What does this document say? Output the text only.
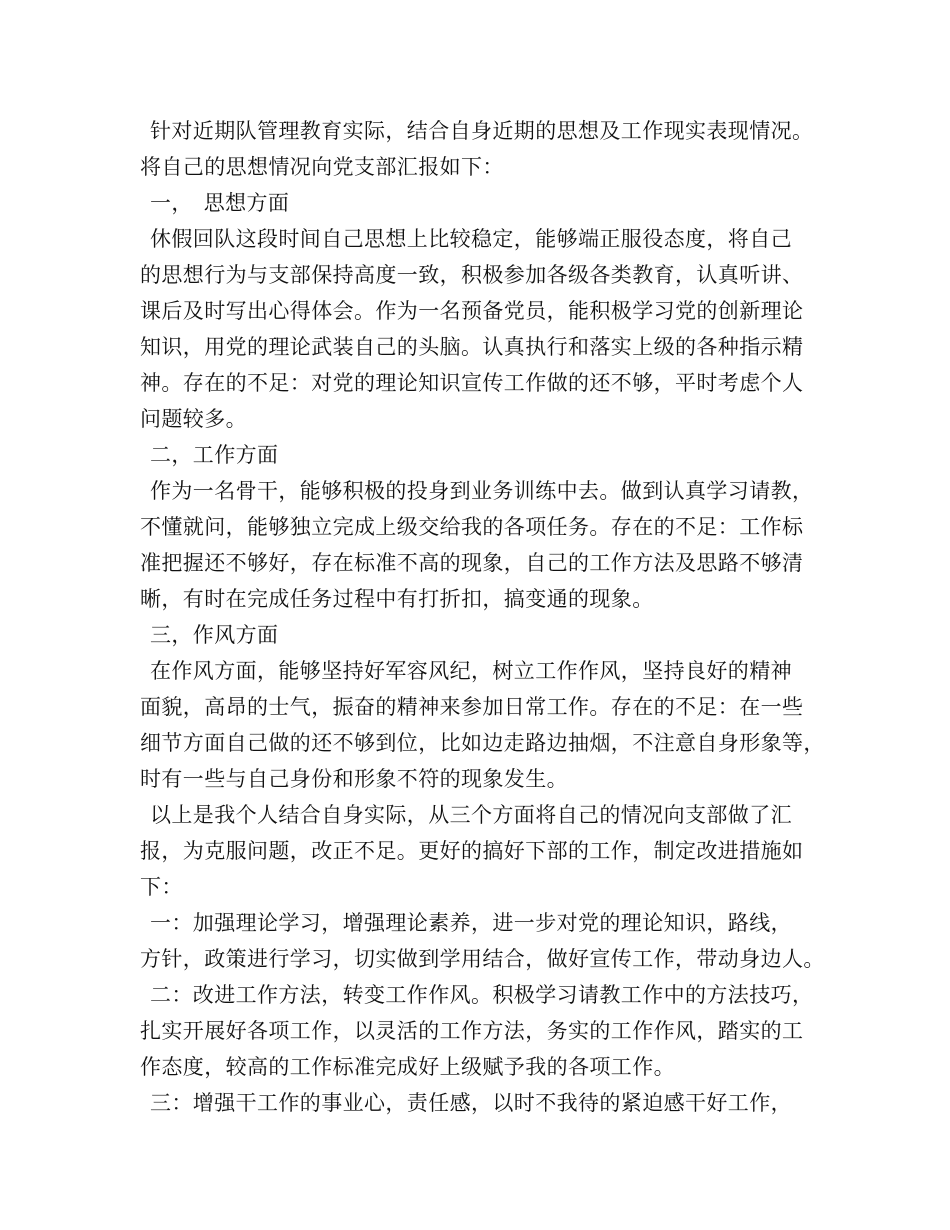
针对近期队管理教育实际，结合自身近期的思想及工作现实表现情况。
将自己的思想情况向党支部汇报如下：
一，　思想方面
休假回队这段时间自己思想上比较稳定，能够端正服役态度，将自己
的思想行为与支部保持高度一致，积极参加各级各类教育，认真听讲、
课后及时写出心得体会。作为一名预备党员，能积极学习党的创新理论
知识，用党的理论武装自己的头脑。认真执行和落实上级的各种指示精
神。存在的不足：对党的理论知识宣传工作做的还不够，平时考虑个人
问题较多。
二，工作方面
作为一名骨干，能够积极的投身到业务训练中去。做到认真学习请教，
不懂就问，能够独立完成上级交给我的各项任务。存在的不足：工作标
准把握还不够好，存在标准不高的现象，自己的工作方法及思路不够清
晰，有时在完成任务过程中有打折扣，搞变通的现象。
三，作风方面
在作风方面，能够坚持好军容风纪，树立工作作风，坚持良好的精神
面貌，高昂的士气，振奋的精神来参加日常工作。存在的不足：在一些
细节方面自己做的还不够到位，比如边走路边抽烟，不注意自身形象等，
时有一些与自己身份和形象不符的现象发生。
以上是我个人结合自身实际，从三个方面将自己的情况向支部做了汇
报，为克服问题，改正不足。更好的搞好下部的工作，制定改进措施如
下：
一：加强理论学习，增强理论素养，进一步对党的理论知识，路线，
方针，政策进行学习，切实做到学用结合，做好宣传工作，带动身边人。
二：改进工作方法，转变工作作风。积极学习请教工作中的方法技巧，
扎实开展好各项工作，以灵活的工作方法，务实的工作作风，踏实的工
作态度，较高的工作标准完成好上级赋予我的各项工作。
三：增强干工作的事业心，责任感，以时不我待的紧迫感干好工作，
